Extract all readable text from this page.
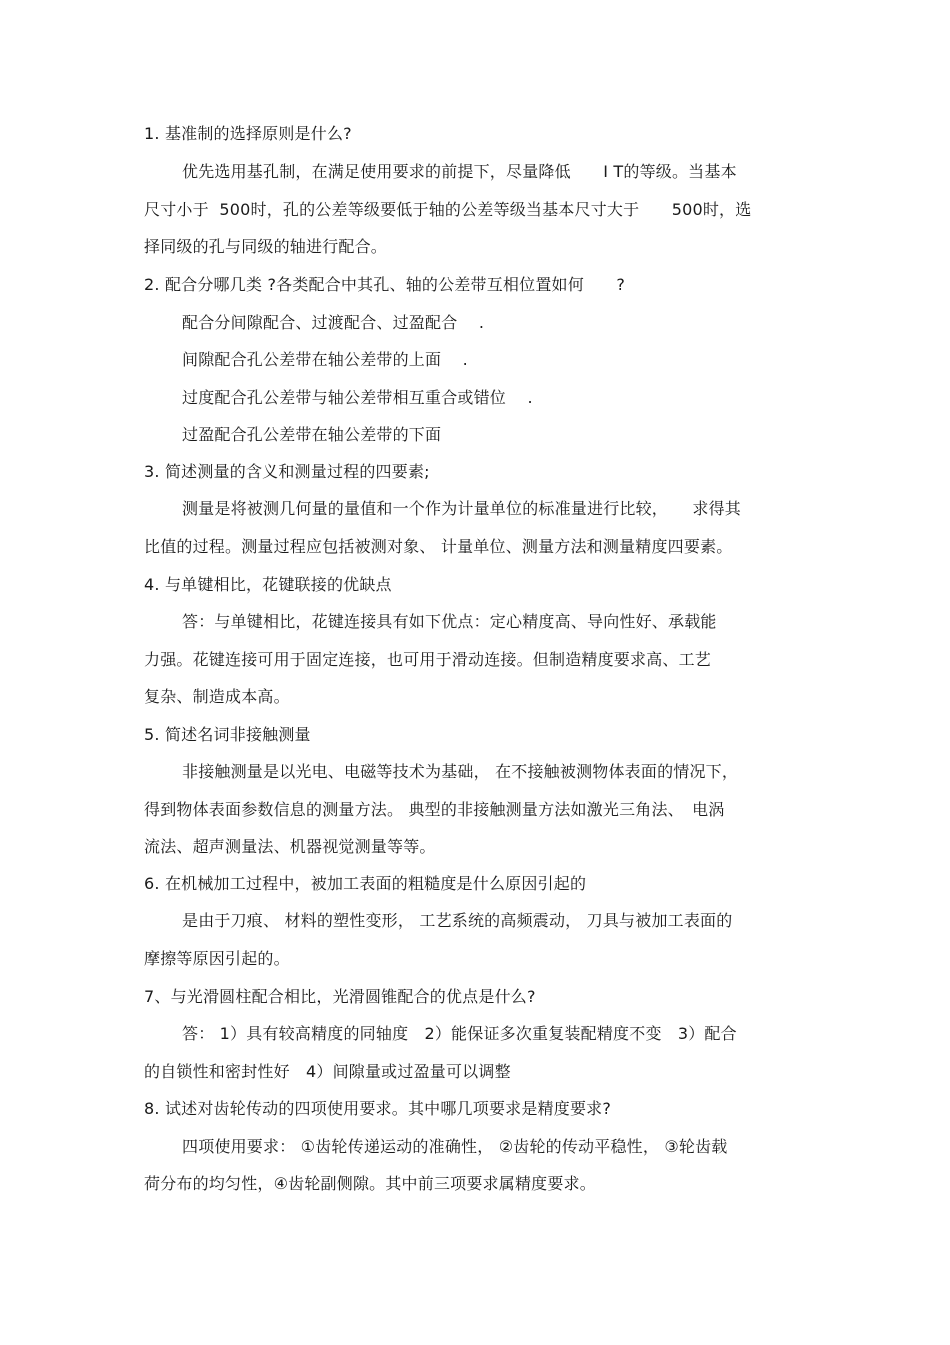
1. 基准制的选择原则是什么?
优先选用基孔制，在满足使用要求的前提下，尽量降低　　I T的等级。当基本
尺寸小于  500时，孔的公差等级要低于轴的公差等级当基本尺寸大于　　500时，选
择同级的孔与同级的轴进行配合。
2. 配合分哪几类 ?各类配合中其孔、轴的公差带互相位置如何　　?
配合分间隙配合、过渡配合、过盈配合　 .
间隙配合孔公差带在轴公差带的上面　 .
过度配合孔公差带与轴公差带相互重合或错位　 .
过盈配合孔公差带在轴公差带的下面
3. 简述测量的含义和测量过程的四要素;
测量是将被测几何量的量值和一个作为计量单位的标准量进行比较，　　求得其
比值的过程。测量过程应包括被测对象、 计量单位、测量方法和测量精度四要素。
4. 与单键相比，花键联接的优缺点
答：与单键相比，花键连接具有如下优点：定心精度高、导向性好、承载能
力强。花键连接可用于固定连接，也可用于滑动连接。但制造精度要求高、工艺
复杂、制造成本高。
5. 简述名词非接触测量
非接触测量是以光电、电磁等技术为基础， 在不接触被测物体表面的情况下，
得到物体表面参数信息的测量方法。 典型的非接触测量方法如激光三角法、　电涡
流法、超声测量法、机器视觉测量等等。
6. 在机械加工过程中，被加工表面的粗糙度是什么原因引起的
是由于刀痕、 材料的塑性变形， 工艺系统的高频震动， 刀具与被加工表面的
摩擦等原因引起的。
7、与光滑圆柱配合相比，光滑圆锥配合的优点是什么?
答： 1）具有较高精度的同轴度　2）能保证多次重复装配精度不变　3）配合
的自锁性和密封性好　4）间隙量或过盈量可以调整
8. 试述对齿轮传动的四项使用要求。其中哪几项要求是精度要求?
四项使用要求： ①齿轮传递运动的准确性， ②齿轮的传动平稳性， ③轮齿载
荷分布的均匀性，④齿轮副侧隙。其中前三项要求属精度要求。
